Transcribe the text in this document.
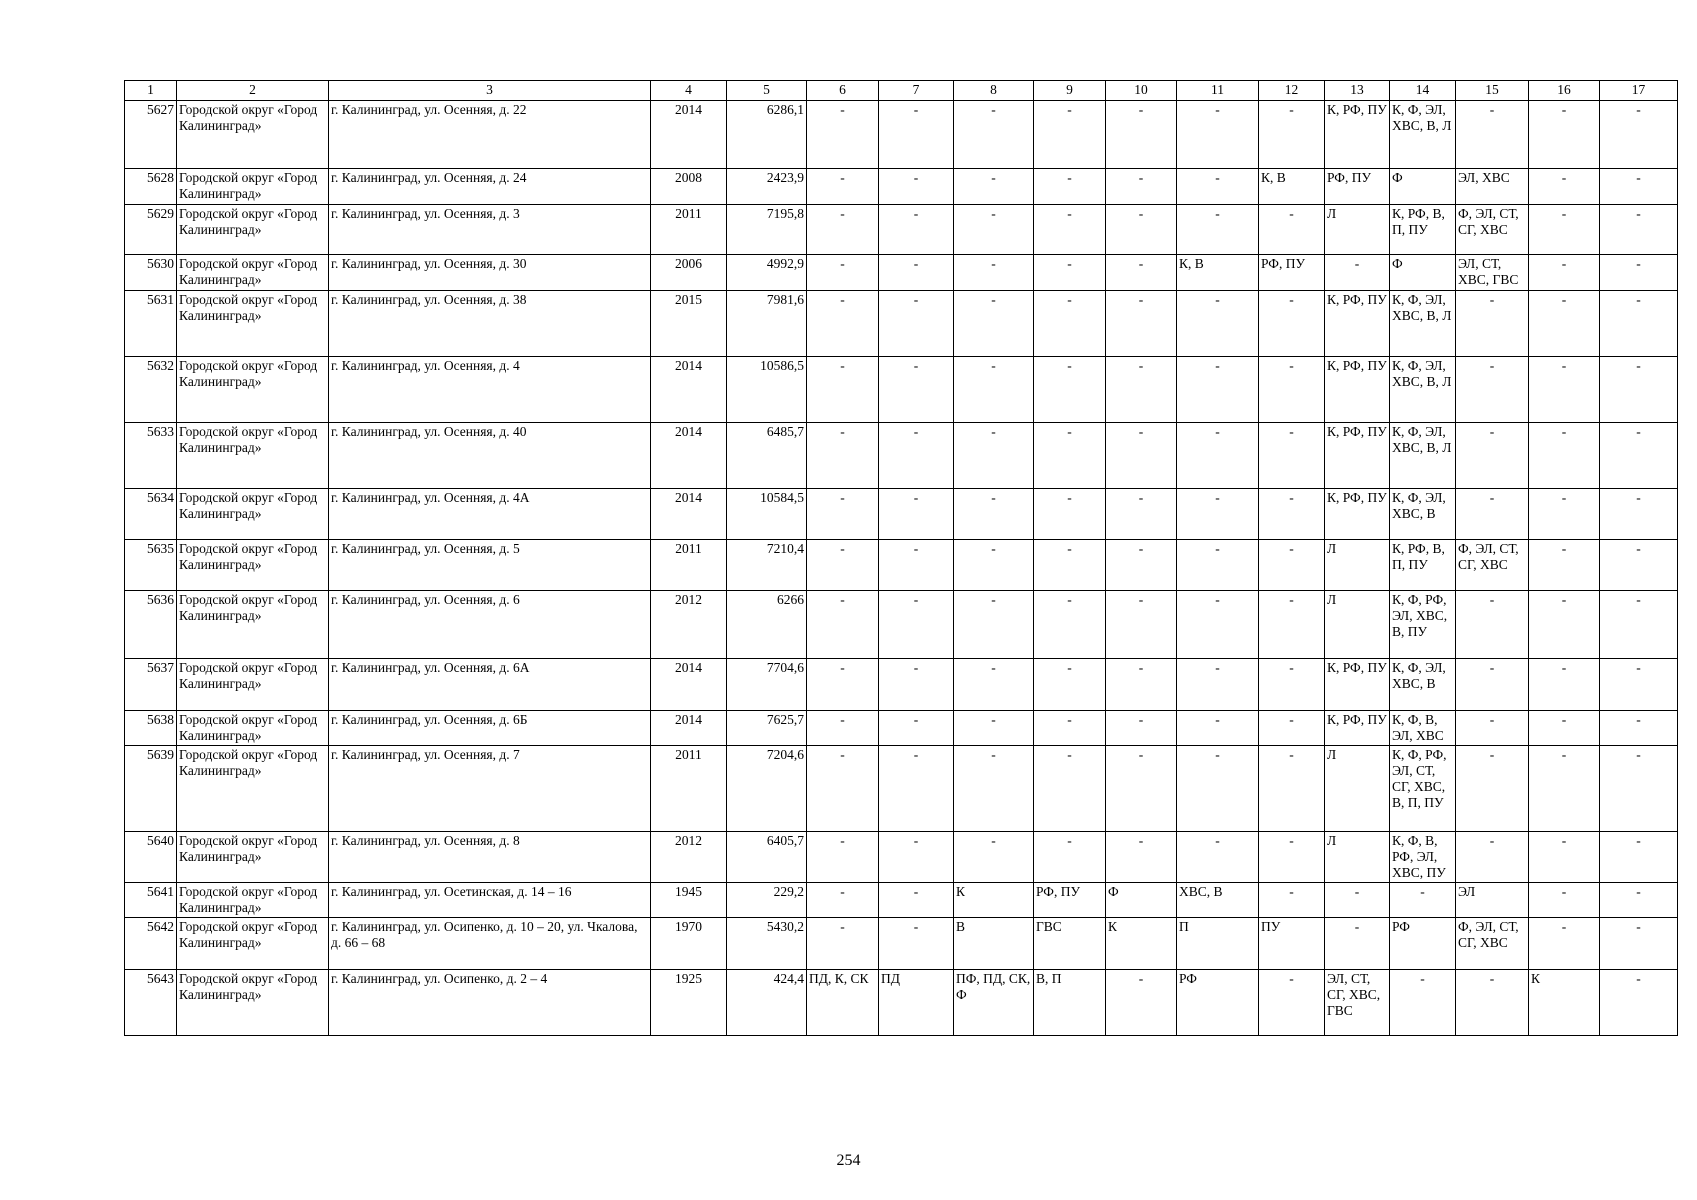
1	2	3	4	5	6	7	8	9	10	11	12	13	14	15	16	17
5627	Городской округ «Город Калининград»	г. Калининград, ул. Осенняя, д. 22	2014	6286,1	-	-	-	-	-	-	-	К, РФ, ПУ	К, Ф, ЭЛ, ХВС, В, Л	-	-	-
5628	Городской округ «Город Калининград»	г. Калининград, ул. Осенняя, д. 24	2008	2423,9	-	-	-	-	-	-	К, В	РФ, ПУ	Ф	ЭЛ, ХВС	-	-
5629	Городской округ «Город Калининград»	г. Калининград, ул. Осенняя, д. 3	2011	7195,8	-	-	-	-	-	-	-	Л	К, РФ, В, П, ПУ	Ф, ЭЛ, СТ, СГ, ХВС	-	-
5630	Городской округ «Город Калининград»	г. Калининград, ул. Осенняя, д. 30	2006	4992,9	-	-	-	-	-	К, В	РФ, ПУ	-	Ф	ЭЛ, СТ, ХВС, ГВС	-	-
5631	Городской округ «Город Калининград»	г. Калининград, ул. Осенняя, д. 38	2015	7981,6	-	-	-	-	-	-	-	К, РФ, ПУ	К, Ф, ЭЛ, ХВС, В, Л	-	-	-
5632	Городской округ «Город Калининград»	г. Калининград, ул. Осенняя, д. 4	2014	10586,5	-	-	-	-	-	-	-	К, РФ, ПУ	К, Ф, ЭЛ, ХВС, В, Л	-	-	-
5633	Городской округ «Город Калининград»	г. Калининград, ул. Осенняя, д. 40	2014	6485,7	-	-	-	-	-	-	-	К, РФ, ПУ	К, Ф, ЭЛ, ХВС, В, Л	-	-	-
5634	Городской округ «Город Калининград»	г. Калининград, ул. Осенняя, д. 4А	2014	10584,5	-	-	-	-	-	-	-	К, РФ, ПУ	К, Ф, ЭЛ, ХВС, В	-	-	-
5635	Городской округ «Город Калининград»	г. Калининград, ул. Осенняя, д. 5	2011	7210,4	-	-	-	-	-	-	-	Л	К, РФ, В, П, ПУ	Ф, ЭЛ, СТ, СГ, ХВС	-	-
5636	Городской округ «Город Калининград»	г. Калининград, ул. Осенняя, д. 6	2012	6266	-	-	-	-	-	-	-	Л	К, Ф, РФ, ЭЛ, ХВС, В, ПУ	-	-	-
5637	Городской округ «Город Калининград»	г. Калининград, ул. Осенняя, д. 6А	2014	7704,6	-	-	-	-	-	-	-	К, РФ, ПУ	К, Ф, ЭЛ, ХВС, В	-	-	-
5638	Городской округ «Город Калининград»	г. Калининград, ул. Осенняя, д. 6Б	2014	7625,7	-	-	-	-	-	-	-	К, РФ, ПУ	К, Ф, В, ЭЛ, ХВС	-	-	-
5639	Городской округ «Город Калининград»	г. Калининград, ул. Осенняя, д. 7	2011	7204,6	-	-	-	-	-	-	-	Л	К, Ф, РФ, ЭЛ, СТ, СГ, ХВС, В, П, ПУ	-	-	-
5640	Городской округ «Город Калининград»	г. Калининград, ул. Осенняя, д. 8	2012	6405,7	-	-	-	-	-	-	-	Л	К, Ф, В, РФ, ЭЛ, ХВС, ПУ	-	-	-
5641	Городской округ «Город Калининград»	г. Калининград, ул. Осетинская, д. 14 – 16	1945	229,2	-	-	К	РФ, ПУ	Ф	ХВС, В	-	-	-	ЭЛ	-	-
5642	Городской округ «Город Калининград»	г. Калининград, ул. Осипенко, д. 10 – 20, ул. Чкалова, д. 66 – 68	1970	5430,2	-	-	В	ГВС	К	П	ПУ	-	РФ	Ф, ЭЛ, СТ, СГ, ХВС	-	-
5643	Городской округ «Город Калининград»	г. Калининград, ул. Осипенко, д. 2 – 4	1925	424,4	ПД, К, СК	ПД	ПФ, ПД, СК, Ф	В, П	-	РФ	-	ЭЛ, СТ, СГ, ХВС, ГВС	-	-	К	-
254
